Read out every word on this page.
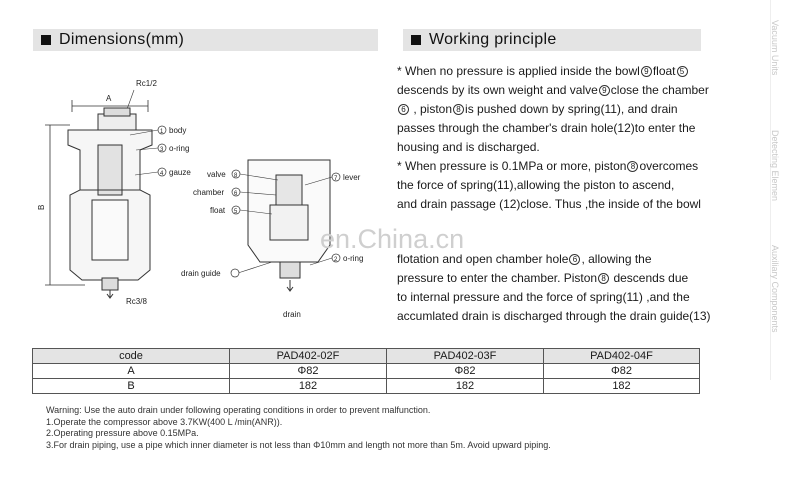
Dimensions(mm)	Working principle
A
Rc1/2
B
Rc3/8
1 body
3 o-ring
4 gauze valve 8
chamber 6
float 5
drain guide
7 lever
2 o-ring
drain
en.China.cn
* When no pressure is applied inside the bowl 9 float 5
descends by its own weight and valve 9 close the chamber
6 , piston 8 is pushed down by spring(11), and drain
passes through the chamber's drain hole(12)to enter the
housing and is discharged.
* When pressure is 0.1MPa or more, piston 8 overcomes
the force of spring(11),allowing the piston to ascend,
and drain passage (12)close. Thus ,the inside of the bowl
flotation and open chamber hole 6 , allowing the
pressure to enter the chamber. Piston 8 descends due
to internal pressure and the force of spring(11) ,and the
accumlated drain is discharged through the drain guide(13)
code	PAD402-02F	PAD402-03F	PAD402-04F
A	Φ82	Φ82	Φ82
B	182	182	182
Warning: Use the auto drain under following operating conditions in order to prevent malfunction.
1.Operate the compressor above 3.7KW(400 L /min(ANR)).
2.Operating pressure above 0.15MPa.
3.For drain piping, use a pipe which inner diameter is not less than Φ10mm and length not more than 5m. Avoid upward piping.
Vacuum Units
Detecting Elemen
Auxiliary Components
